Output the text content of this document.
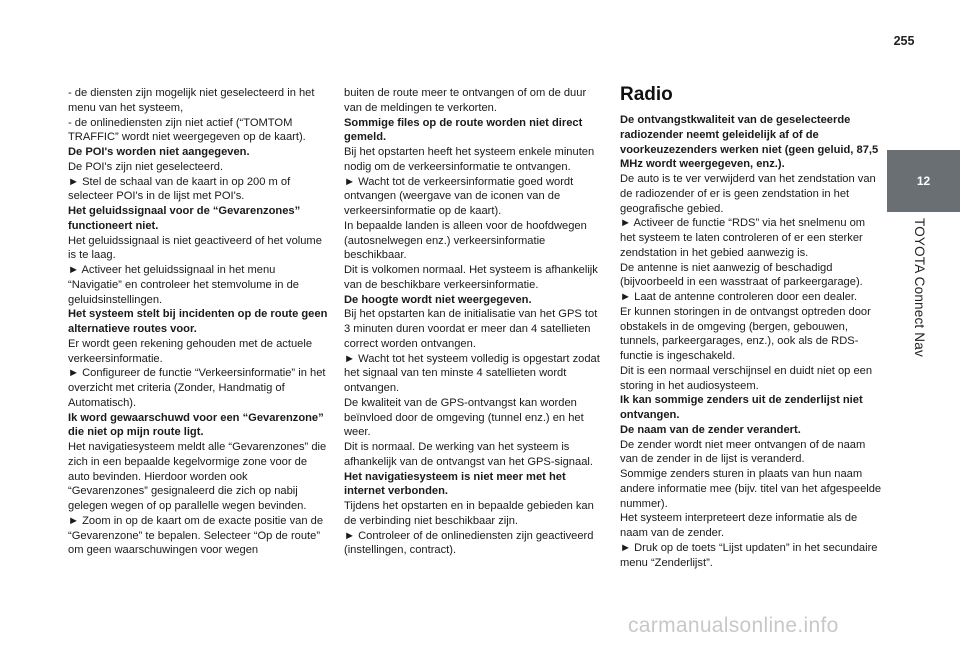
255
12
TOYOTA Connect Nav

- de diensten zijn mogelijk niet geselecteerd in het menu van het systeem,

- de onlinediensten zijn niet actief (“TOMTOM TRAFFIC” wordt niet weergegeven op de kaart).

De POI's worden niet aangegeven.

De POI's zijn niet geselecteerd.

► Stel de schaal van de kaart in op 200 m of selecteer POI's in de lijst met POI's.

Het geluidssignaal voor de “Gevarenzones” functioneert niet.

Het geluidssignaal is niet geactiveerd of het volume is te laag.

► Activeer het geluidssignaal in het menu “Navigatie” en controleer het stemvolume in de geluidsinstellingen.

Het systeem stelt bij incidenten op de route geen alternatieve routes voor.

Er wordt geen rekening gehouden met de actuele verkeersinformatie.

► Configureer de functie “Verkeersinformatie” in het overzicht met criteria (Zonder, Handmatig of Automatisch).

Ik word gewaarschuwd voor een “Gevarenzone” die niet op mijn route ligt.

Het navigatiesysteem meldt alle “Gevarenzones” die zich in een bepaalde kegelvormige zone voor de auto bevinden. Hierdoor worden ook “Gevarenzones” gesignaleerd die zich op nabij gelegen wegen of op parallelle wegen bevinden.

► Zoom in op de kaart om de exacte positie van de “Gevarenzone” te bepalen. Selecteer “Op de route” om geen waarschuwingen voor wegen

buiten de route meer te ontvangen of om de duur van de meldingen te verkorten.

Sommige files op de route worden niet direct gemeld.

Bij het opstarten heeft het systeem enkele minuten nodig om de verkeersinformatie te ontvangen.

► Wacht tot de verkeersinformatie goed wordt ontvangen (weergave van de iconen van de verkeersinformatie op de kaart).

In bepaalde landen is alleen voor de hoofdwegen (autosnelwegen enz.) verkeersinformatie beschikbaar.

Dit is volkomen normaal. Het systeem is afhankelijk van de beschikbare verkeersinformatie.

De hoogte wordt niet weergegeven.

Bij het opstarten kan de initialisatie van het GPS tot 3 minuten duren voordat er meer dan 4 satellieten correct worden ontvangen.

► Wacht tot het systeem volledig is opgestart zodat het signaal van ten minste 4 satellieten wordt ontvangen.

De kwaliteit van de GPS-ontvangst kan worden beïnvloed door de omgeving (tunnel enz.) en het weer.

Dit is normaal. De werking van het systeem is afhankelijk van de ontvangst van het GPS-signaal.

Het navigatiesysteem is niet meer met het internet verbonden.

Tijdens het opstarten en in bepaalde gebieden kan de verbinding niet beschikbaar zijn.

► Controleer of de onlinediensten zijn geactiveerd (instellingen, contract).

Radio

De ontvangstkwaliteit van de geselecteerde radiozender neemt geleidelijk af of de voorkeuzezenders werken niet (geen geluid, 87,5 MHz wordt weergegeven, enz.).

De auto is te ver verwijderd van het zendstation van de radiozender of er is geen zendstation in het geografische gebied.

► Activeer de functie “RDS” via het snelmenu om het systeem te laten controleren of er een sterker zendstation in het gebied aanwezig is.

De antenne is niet aanwezig of beschadigd (bijvoorbeeld in een wasstraat of parkeergarage).

► Laat de antenne controleren door een dealer.

Er kunnen storingen in de ontvangst optreden door obstakels in de omgeving (bergen, gebouwen, tunnels, parkeergarages, enz.), ook als de RDS-functie is ingeschakeld.

Dit is een normaal verschijnsel en duidt niet op een storing in het audiosysteem.

Ik kan sommige zenders uit de zenderlijst niet ontvangen.

De naam van de zender verandert.

De zender wordt niet meer ontvangen of de naam van de zender in de lijst is veranderd.

Sommige zenders sturen in plaats van hun naam andere informatie mee (bijv. titel van het afgespeelde nummer).

Het systeem interpreteert deze informatie als de naam van de zender.

► Druk op de toets “Lijst updaten” in het secundaire menu “Zenderlijst”.

carmanualsonline.info
